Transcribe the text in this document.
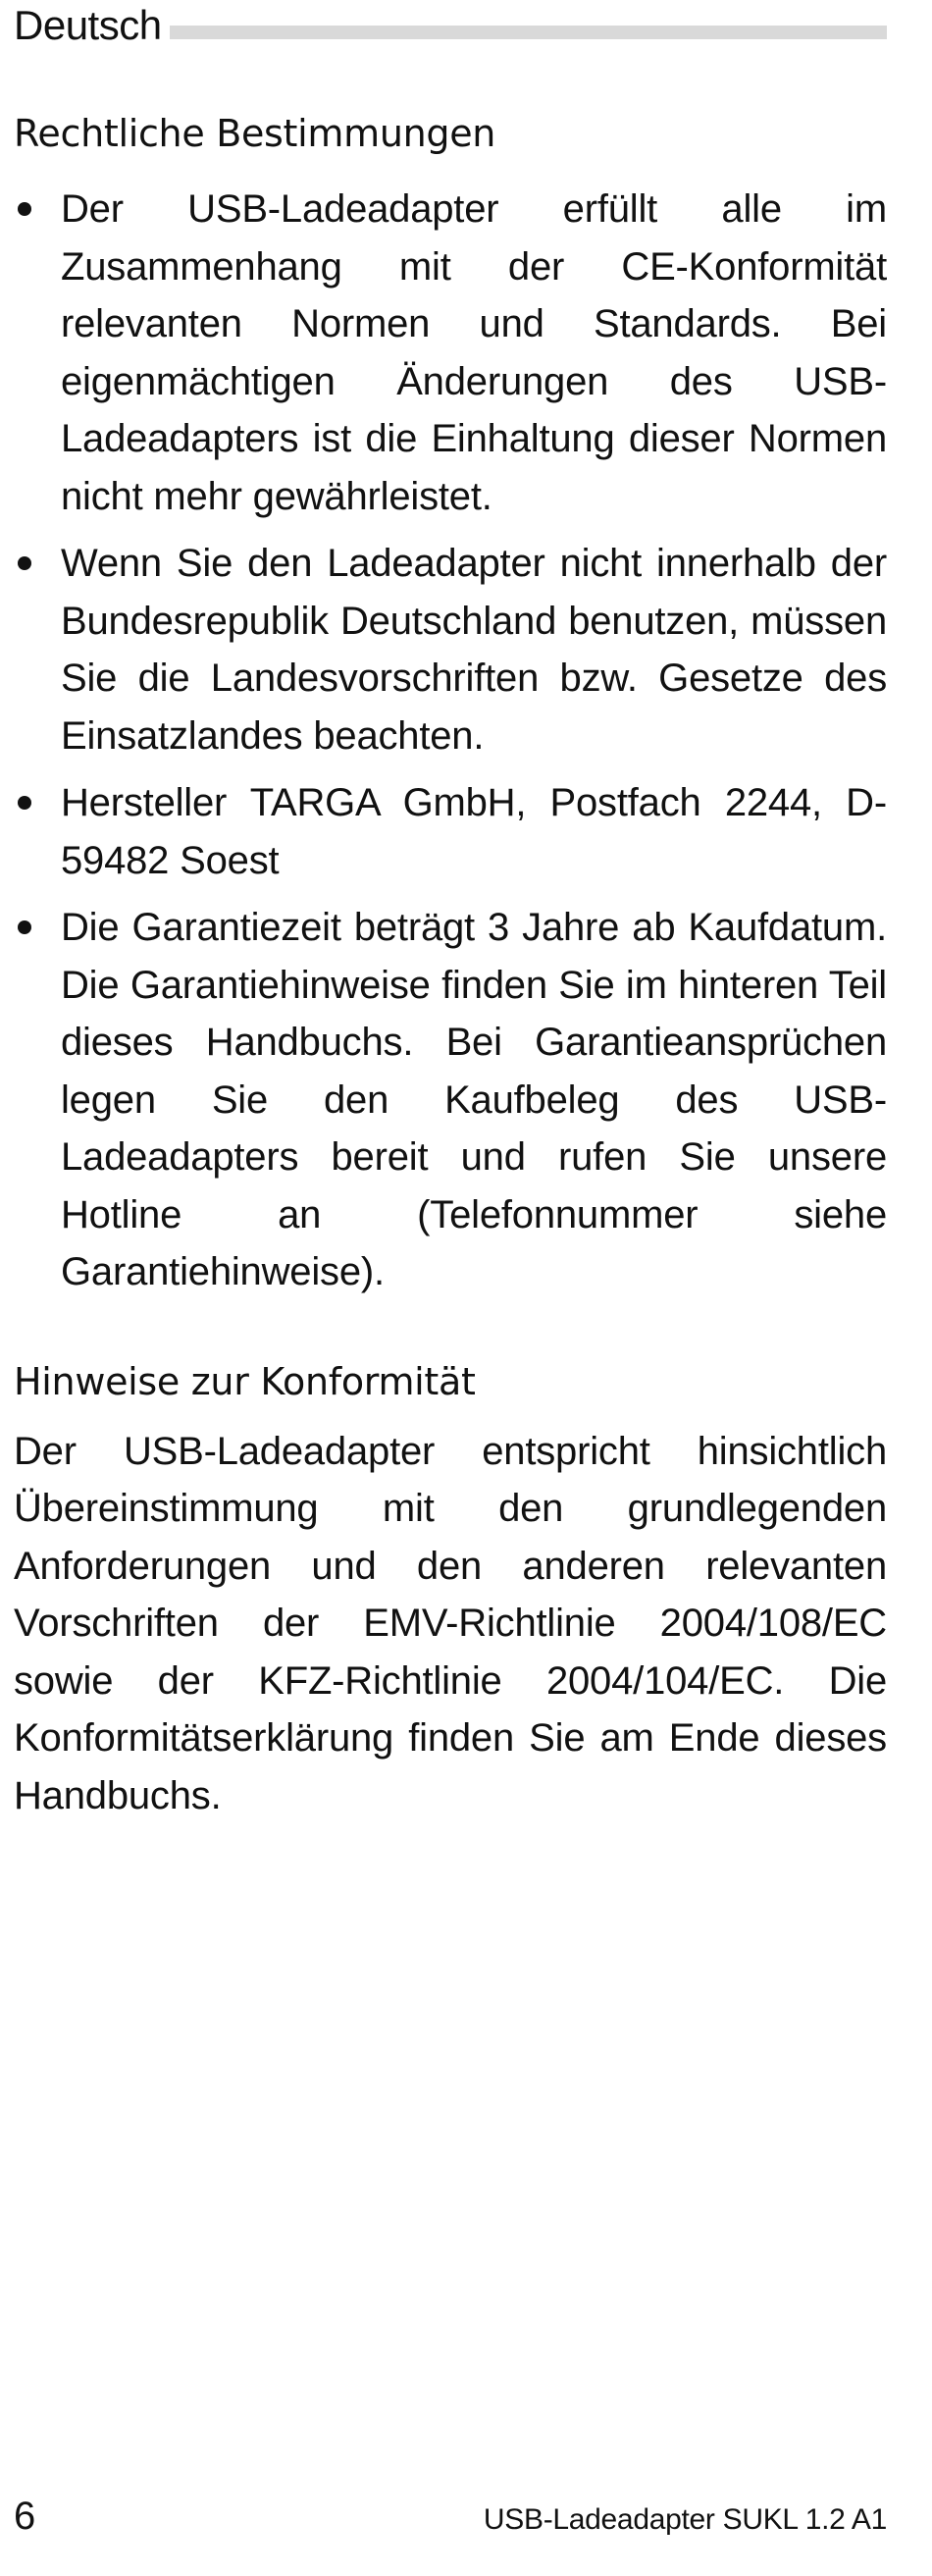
Deutsch
Rechtliche Bestimmungen
Der USB-Ladeadapter erfüllt alle im Zusammenhang mit der CE-Konformität relevanten Normen und Standards. Bei eigenmächtigen Änderungen des USB-Ladeadapters ist die Einhaltung dieser Normen nicht mehr gewährleistet.
Wenn Sie den Ladeadapter nicht innerhalb der Bundesrepublik Deutschland benutzen, müssen Sie die Landesvorschriften bzw. Gesetze des Einsatzlandes beachten.
Hersteller TARGA GmbH, Postfach 2244, D-59482 Soest
Die Garantiezeit beträgt 3 Jahre ab Kaufdatum. Die Garantiehinweise finden Sie im hinteren Teil dieses Handbuchs. Bei Garantieansprüchen legen Sie den Kaufbeleg des USB-Ladeadapters bereit und rufen Sie unsere Hotline an (Telefonnummer siehe Garantiehinweise).
Hinweise zur Konformität

Der USB-Ladeadapter entspricht hinsichtlich Übereinstimmung mit den grundlegenden Anforderungen und den anderen relevanten Vorschriften der EMV-Richtlinie 2004/108/EC sowie der KFZ-Richtlinie 2004/104/EC. Die Konformitätserklärung finden Sie am Ende dieses Handbuchs.

6	USB-Ladeadapter SUKL 1.2 A1
